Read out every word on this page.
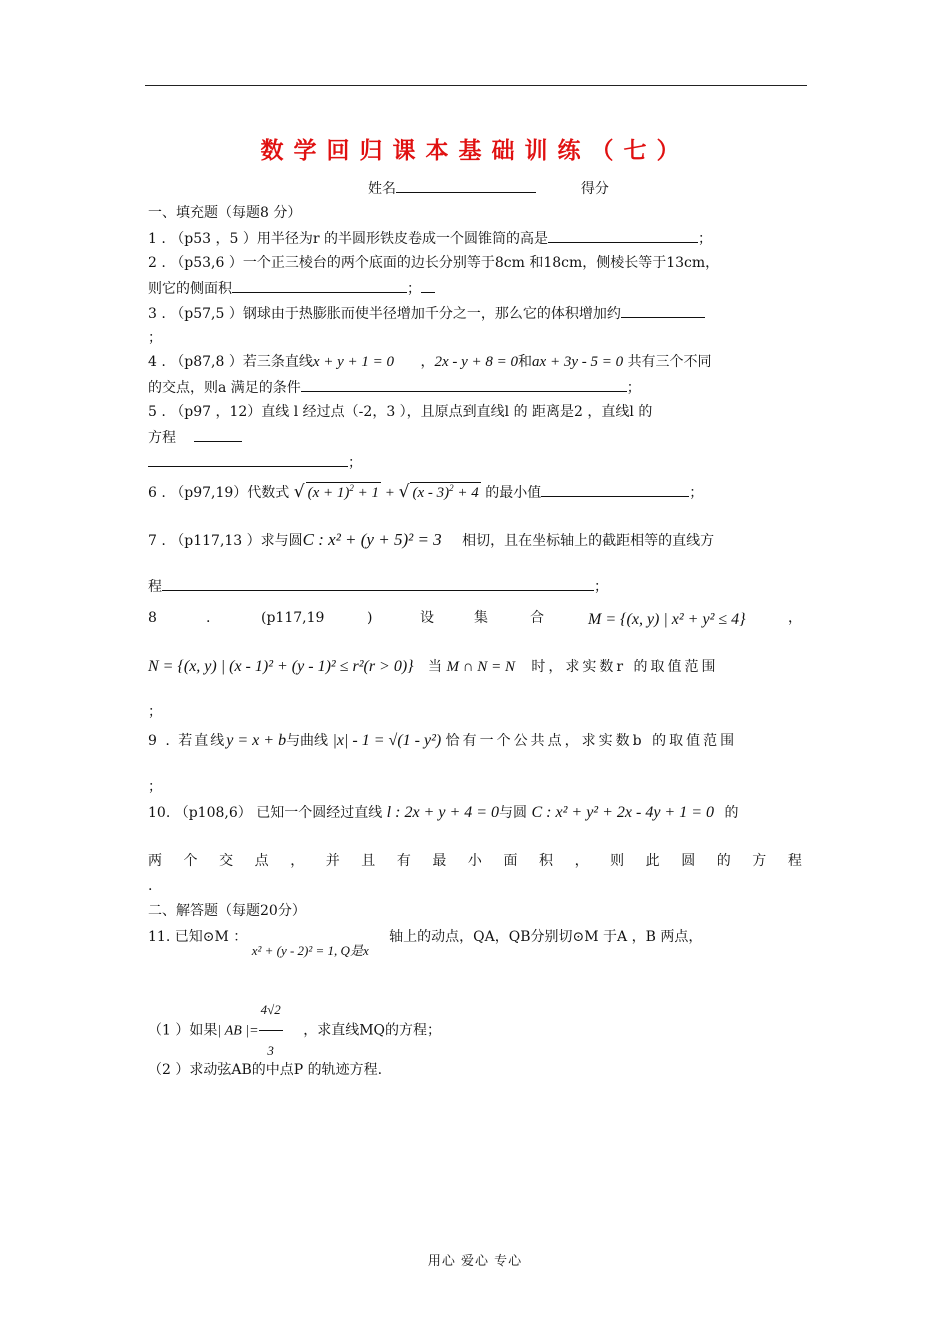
数学回归课本基础训练（七）
姓名	得分
一、填充题（每题8 分）
1 . （p53 ，5 ）用半径为r 的半圆形铁皮卷成一个圆锥筒的高是	；
2 . （p53,6 ）一个正三棱台的两个底面的边长分别等于8cm 和18cm，侧棱长等于13cm，
则它的侧面积	；
3 . （p57,5 ）钢球由于热膨胀而使半径增加千分之一，那么它的体积增加约
；
4 . （p87,8 ）若三条直线x + y + 1 = 0 ，2x - y + 8 = 0和ax + 3y - 5 = 0 共有三个不同
的交点，则a 满足的条件	；
5 . （p97 ，12）直线 l 经过点（-2，3 ），且原点到直线l 的 距离是2 ，直线l 的
方程
；
6 . （p97,19）代数式 √ $(x + 1)^2 + 1$ + √ (x - 3)$^2$ + 4 的最小值	；
7 . （p117,13 ）求与圆C : x² + (y + 5)² = 3 相切，且在坐标轴上的截距相等的直线方
程	；
8	.	(p117,19	)	设	集	合	M = {(x, y) | x² + y² ≤ 4}	，
N = {(x, y) | (x - 1)² + (y - 1)² ≤ r²(r > 0)} 当 M ∩ N = N 时，求实数r 的取值范围
；
9 . 若直线y = x + b与曲线 |x| - 1 = √(1 - y²) 恰有一个公共点，求实数b 的取值范围
；
10. （p108,6） 已知一个圆经过直线 l : 2x + y + 4 = 0与圆 C : x² + y² + 2x - 4y + 1 = 0 的
两 个 交 点 ， 并 且 有 最 小 面 积 ， 则 此 圆 的 方 程
.
二、解答题（每题20分）
11. 已知⊙M ： x² + (y - 2)² = 1, Q是x 轴上的动点，QA，QB分别切⊙M 于A ，B 两点，
（1 ）如果| AB |= $\frac{4√2}{3}$ ，求直线MQ的方程；
（2 ）求动弦AB的中点P 的轨迹方程.
用心 爱心 专心
